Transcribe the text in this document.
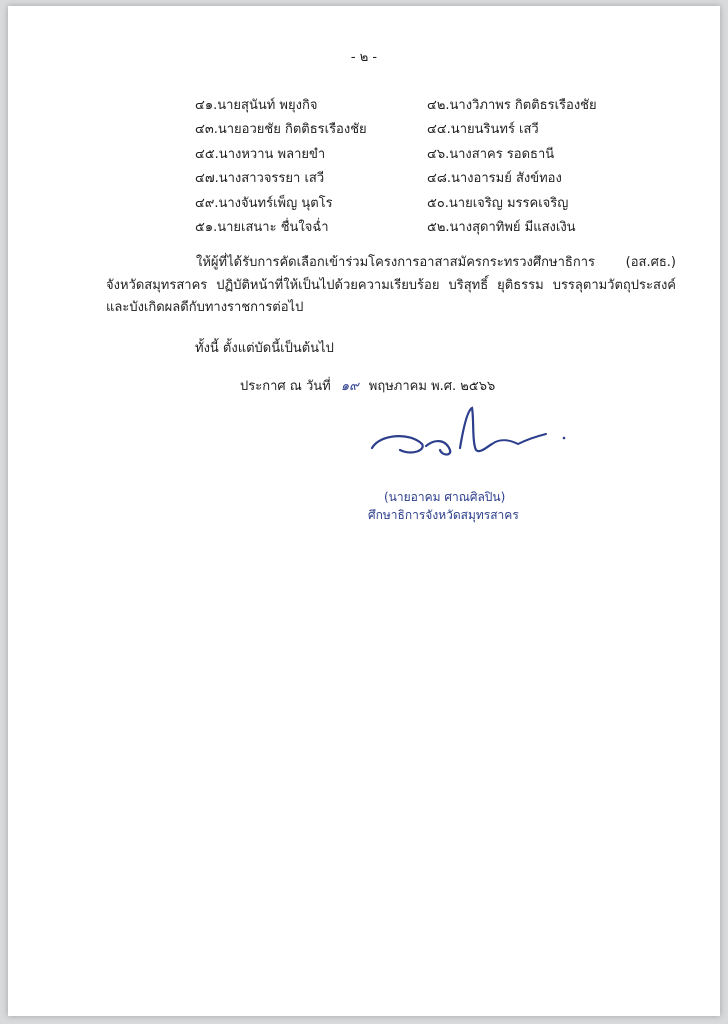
- ๒ -
๔๑.นายสุนันท์ พยุงกิจ	๔๒.นางวิภาพร กิตติธรเรืองชัย
๔๓.นายอวยชัย กิตติธรเรืองชัย	๔๔.นายนรินทร์ เสวี
๔๕.นางหวาน พลายขำ	๔๖.นางสาคร รอดธานี
๔๗.นางสาวจรรยา เสวี	๔๘.นางอารมย์ สังข์ทอง
๔๙.นางจันทร์เพ็ญ นุตโร	๕๐.นายเจริญ มรรคเจริญ
๕๑.นายเสนาะ ชื่นใจฉ่ำ	๕๒.นางสุดาทิพย์ มีแสงเงิน
ให้ผู้ที่ได้รับการคัดเลือกเข้าร่วมโครงการอาสาสมัครกระทรวงศึกษาธิการ (อส.ศธ.) จังหวัดสมุทรสาคร ปฏิบัติหน้าที่ให้เป็นไปด้วยความเรียบร้อย บริสุทธิ์ ยุติธรรม บรรลุตามวัตถุประสงค์และบังเกิดผลดีกับทางราชการต่อไป
ทั้งนี้ ตั้งแต่บัดนี้เป็นต้นไป
ประกาศ ณ วันที่ ๑๙ พฤษภาคม พ.ศ. ๒๕๖๖
(นายอาคม ศาณศิลปิน)
ศึกษาธิการจังหวัดสมุทรสาคร
